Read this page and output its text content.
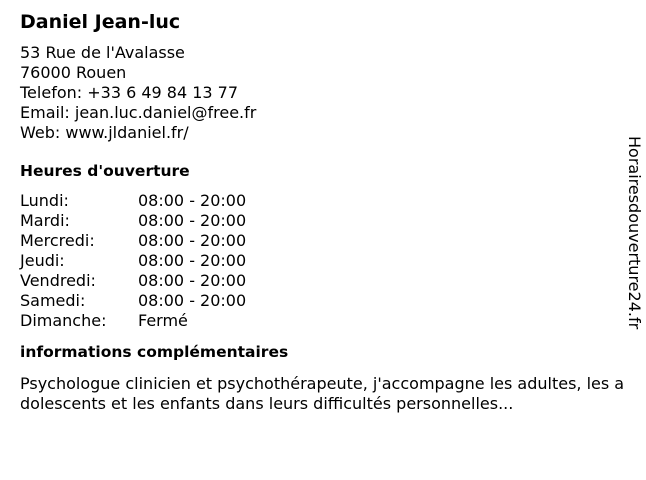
Daniel Jean-luc
53 Rue de l'Avalasse
76000 Rouen
Telefon: +33 6 49 84 13 77
Email: jean.luc.daniel@free.fr
Web: www.jldaniel.fr/
Heures d'ouverture
Lundi:	08:00 - 20:00
Mardi:	08:00 - 20:00
Mercredi:	08:00 - 20:00
Jeudi:	08:00 - 20:00
Vendredi:	08:00 - 20:00
Samedi:	08:00 - 20:00
Dimanche:	Fermé
informations complémentaires

Psychologue clinicien et psychothérapeute, j'accompagne les adultes, les adolescents et les enfants dans leurs difficultés personnelles...

Horairesdouverture24.fr
